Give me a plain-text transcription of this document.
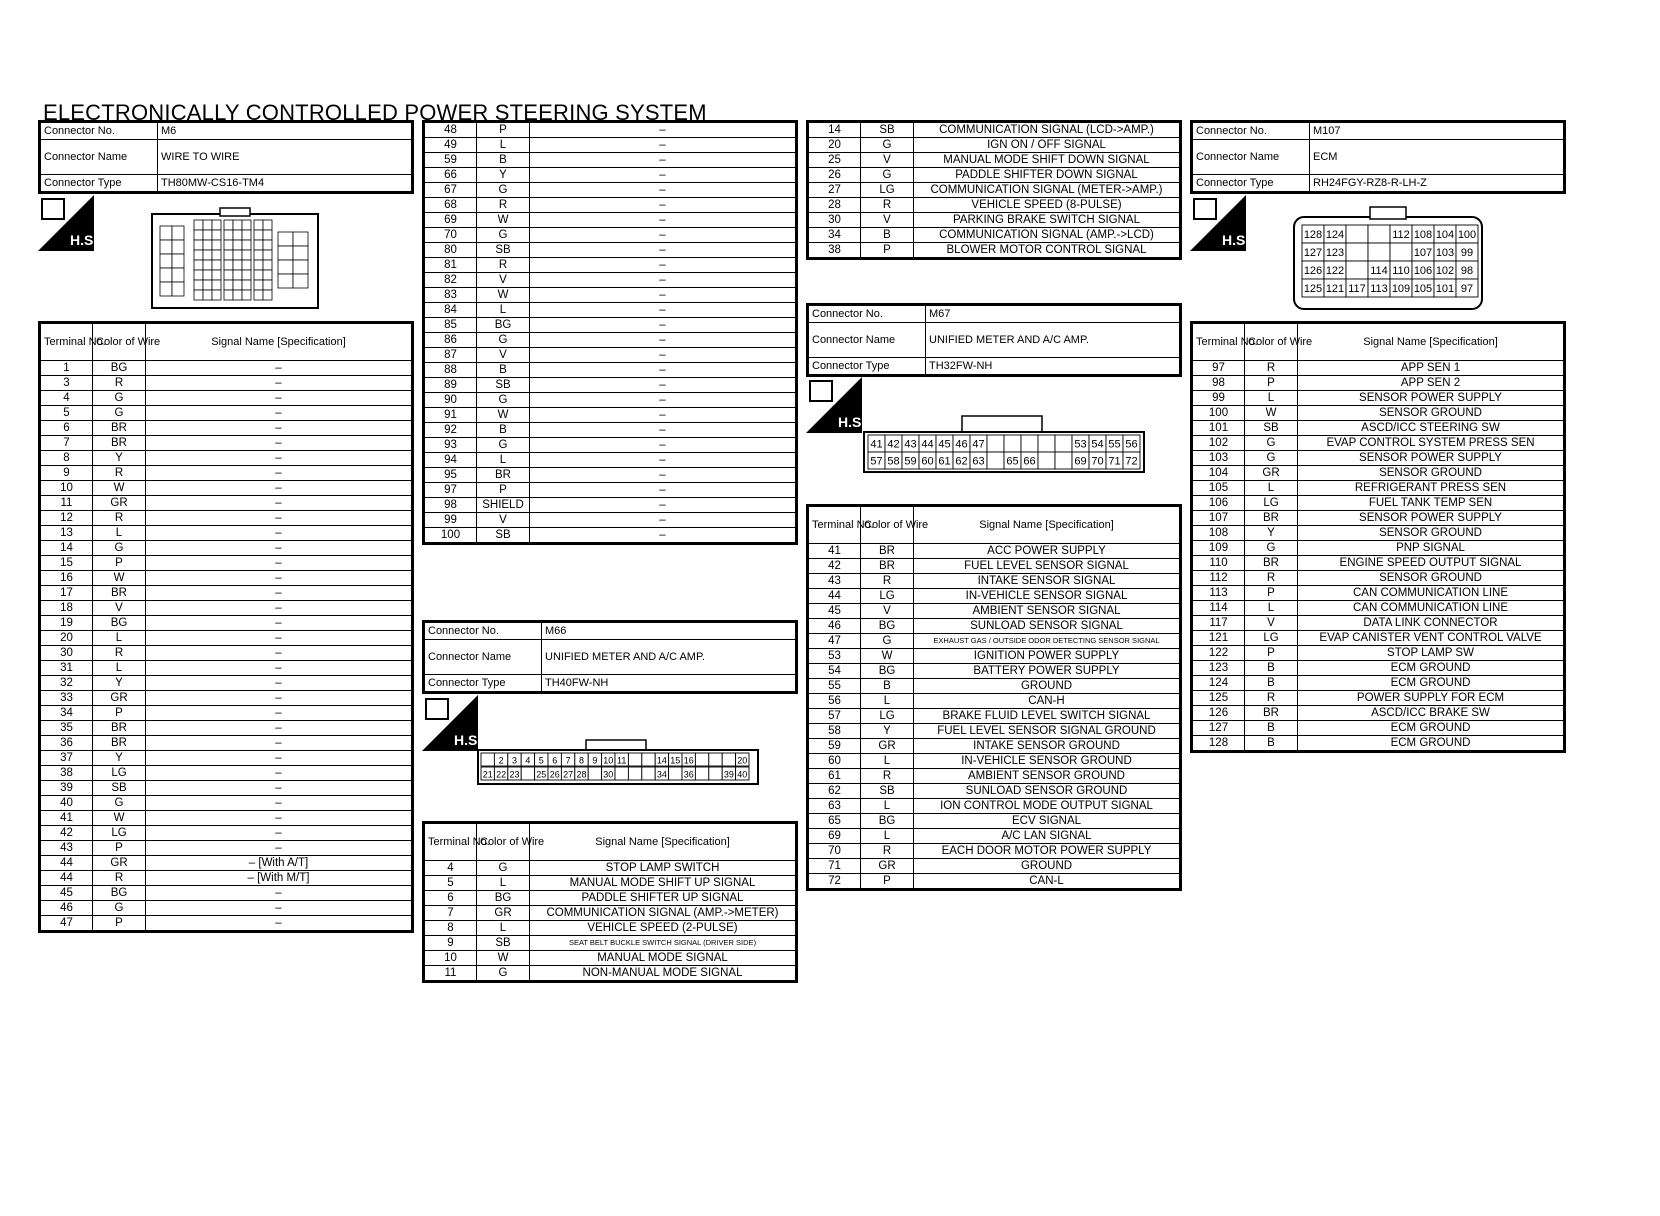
ELECTRONICALLY CONTROLLED POWER STEERING SYSTEM
Connector No.	M6
Connector Name	WIRE TO WIRE
Connector Type	TH80MW-CS16-TM4
H.S.
Terminal No.	Color of Wire	Signal Name [Specification]
1	BG	–
3	R	–
4	G	–
5	G	–
6	BR	–
7	BR	–
8	Y	–
9	R	–
10	W	–
11	GR	–
12	R	–
13	L	–
14	G	–
15	P	–
16	W	–
17	BR	–
18	V	–
19	BG	–
20	L	–
30	R	–
31	L	–
32	Y	–
33	GR	–
34	P	–
35	BR	–
36	BR	–
37	Y	–
38	LG	–
39	SB	–
40	G	–
41	W	–
42	LG	–
43	P	–
44	GR	– [With A/T]
44	R	– [With M/T]
45	BG	–
46	G	–
47	P	–
48	P	–
49	L	–
59	B	–
66	Y	–
67	G	–
68	R	–
69	W	–
70	G	–
80	SB	–
81	R	–
82	V	–
83	W	–
84	L	–
85	BG	–
86	G	–
87	V	–
88	B	–
89	SB	–
90	G	–
91	W	–
92	B	–
93	G	–
94	L	–
95	BR	–
97	P	–
98	SHIELD	–
99	V	–
100	SB	–
Connector No.	M66
Connector Name	UNIFIED METER AND A/C AMP.
Connector Type	TH40FW-NH
H.S.
2 3 4 5 6 7 8 9 10 11	14 15 16	20
21 22 23 25 26 27 28 30	34 36	39 40
Terminal No.	Color of Wire	Signal Name [Specification]
4	G	STOP LAMP SWITCH
5	L	MANUAL MODE SHIFT UP SIGNAL
6	BG	PADDLE SHIFTER UP SIGNAL
7	GR	COMMUNICATION SIGNAL (AMP.->METER)
8	L	VEHICLE SPEED (2-PULSE)
9	SB	SEAT BELT BUCKLE SWITCH SIGNAL (DRIVER SIDE)
10	W	MANUAL MODE SIGNAL
11	G	NON-MANUAL MODE SIGNAL
14	SB	COMMUNICATION SIGNAL (LCD->AMP.)
20	G	IGN ON / OFF SIGNAL
25	V	MANUAL MODE SHIFT DOWN SIGNAL
26	G	PADDLE SHIFTER DOWN SIGNAL
27	LG	COMMUNICATION SIGNAL (METER->AMP.)
28	R	VEHICLE SPEED (8-PULSE)
30	V	PARKING BRAKE SWITCH SIGNAL
34	B	COMMUNICATION SIGNAL (AMP.->LCD)
38	P	BLOWER MOTOR CONTROL SIGNAL
Connector No.	M67
Connector Name	UNIFIED METER AND A/C AMP.
Connector Type	TH32FW-NH
H.S.
41 42 43 44 45 46 47	53 54 55 56
57 58 59 60 61 62 63 65 66	69 70 71 72
Terminal No.	Color of Wire	Signal Name [Specification]
41	BR	ACC POWER SUPPLY
42	BR	FUEL LEVEL SENSOR SIGNAL
43	R	INTAKE SENSOR SIGNAL
44	LG	IN-VEHICLE SENSOR SIGNAL
45	V	AMBIENT SENSOR SIGNAL
46	BG	SUNLOAD SENSOR SIGNAL
47	G	EXHAUST GAS / OUTSIDE ODOR DETECTING SENSOR SIGNAL
53	W	IGNITION POWER SUPPLY
54	BG	BATTERY POWER SUPPLY
55	B	GROUND
56	L	CAN-H
57	LG	BRAKE FLUID LEVEL SWITCH SIGNAL
58	Y	FUEL LEVEL SENSOR SIGNAL GROUND
59	GR	INTAKE SENSOR GROUND
60	L	IN-VEHICLE SENSOR GROUND
61	R	AMBIENT SENSOR GROUND
62	SB	SUNLOAD SENSOR GROUND
63	L	ION CONTROL MODE OUTPUT SIGNAL
65	BG	ECV SIGNAL
69	L	A/C LAN SIGNAL
70	R	EACH DOOR MOTOR POWER SUPPLY
71	GR	GROUND
72	P	CAN-L
Connector No.	M107
Connector Name	ECM
Connector Type	RH24FGY-RZ8-R-LH-Z
H.S.	128 124	112 108 104 100
127 123	107 103 99
126 122 114 110 106 102 98
125 121 117 113 109 105 101 97
Terminal No.	Color of Wire	Signal Name [Specification]
97	R	APP SEN 1
98	P	APP SEN 2
99	L	SENSOR POWER SUPPLY
100	W	SENSOR GROUND
101	SB	ASCD/ICC STEERING SW
102	G	EVAP CONTROL SYSTEM PRESS SEN
103	G	SENSOR POWER SUPPLY
104	GR	SENSOR GROUND
105	L	REFRIGERANT PRESS SEN
106	LG	FUEL TANK TEMP SEN
107	BR	SENSOR POWER SUPPLY
108	Y	SENSOR GROUND
109	G	PNP SIGNAL
110	BR	ENGINE SPEED OUTPUT SIGNAL
112	R	SENSOR GROUND
113	P	CAN COMMUNICATION LINE
114	L	CAN COMMUNICATION LINE
117	V	DATA LINK CONNECTOR
121	LG	EVAP CANISTER VENT CONTROL VALVE
122	P	STOP LAMP SW
123	B	ECM GROUND
124	B	ECM GROUND
125	R	POWER SUPPLY FOR ECM
126	BR	ASCD/ICC BRAKE SW
127	B	ECM GROUND
128	B	ECM GROUND
